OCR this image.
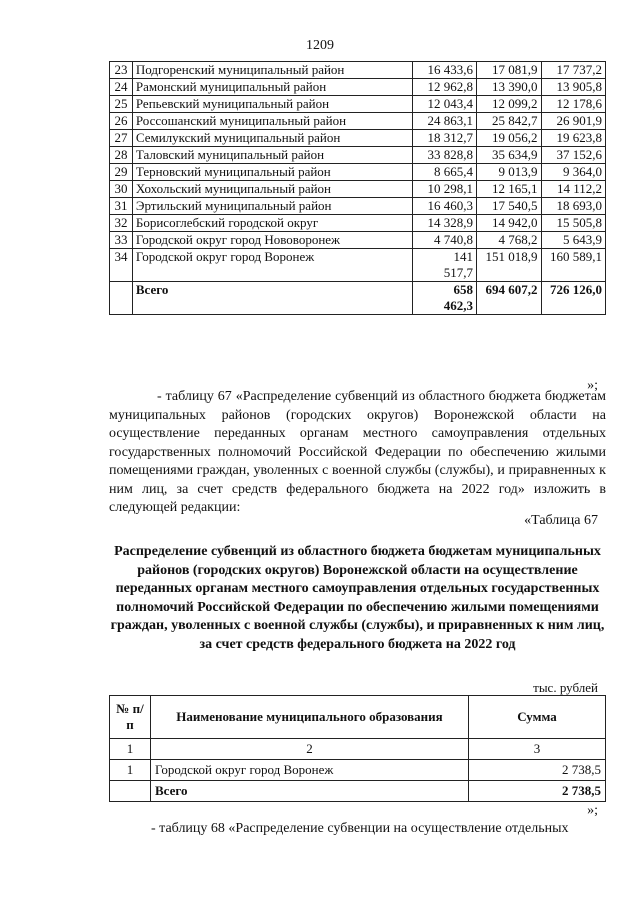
1209
23	Подгоренский муниципальный район	16 433,6	17 081,9	17 737,2
24	Рамонский муниципальный район	12 962,8	13 390,0	13 905,8
25	Репьевский муниципальный район	12 043,4	12 099,2	12 178,6
26	Россошанский муниципальный район	24 863,1	25 842,7	26 901,9
27	Семилукский муниципальный район	18 312,7	19 056,2	19 623,8
28	Таловский муниципальный район	33 828,8	35 634,9	37 152,6
29	Терновский муниципальный район	8 665,4	9 013,9	9 364,0
30	Хохольский муниципальный район	10 298,1	12 165,1	14 112,2
31	Эртильский муниципальный район	16 460,3	17 540,5	18 693,0
32	Борисоглебский городской округ	14 328,9	14 942,0	15 505,8
33	Городской округ город Нововоронеж	4 740,8	4 768,2	5 643,9
34	Городской округ город Воронеж	141 517,7	151 018,9	160 589,1
	Всего	658 462,3	694 607,2	726 126,0
»;
- таблицу 67 «Распределение субвенций из областного бюджета бюджетам муниципальных районов (городских округов) Воронежской области на осуществление переданных органам местного самоуправления отдельных государственных полномочий Российской Федерации по обеспечению жилыми помещениями граждан, уволенных с военной службы (службы), и приравненных к ним лиц, за счет средств федерального бюджета на 2022 год» изложить в следующей редакции:
«Таблица 67
Распределение субвенций из областного бюджета бюджетам муниципальных районов (городских округов) Воронежской области на осуществление переданных органам местного самоуправления отдельных государственных полномочий Российской Федерации по обеспечению жилыми помещениями граждан, уволенных с военной службы (службы), и приравненных к ним лиц, за счет средств федерального бюджета на 2022 год
тыс. рублей
№ п/п	Наименование муниципального образования	Сумма
1	2	3
1	Городской округ город Воронеж	2 738,5
	Всего	2 738,5
»;
- таблицу 68 «Распределение субвенции на осуществление отдельных
